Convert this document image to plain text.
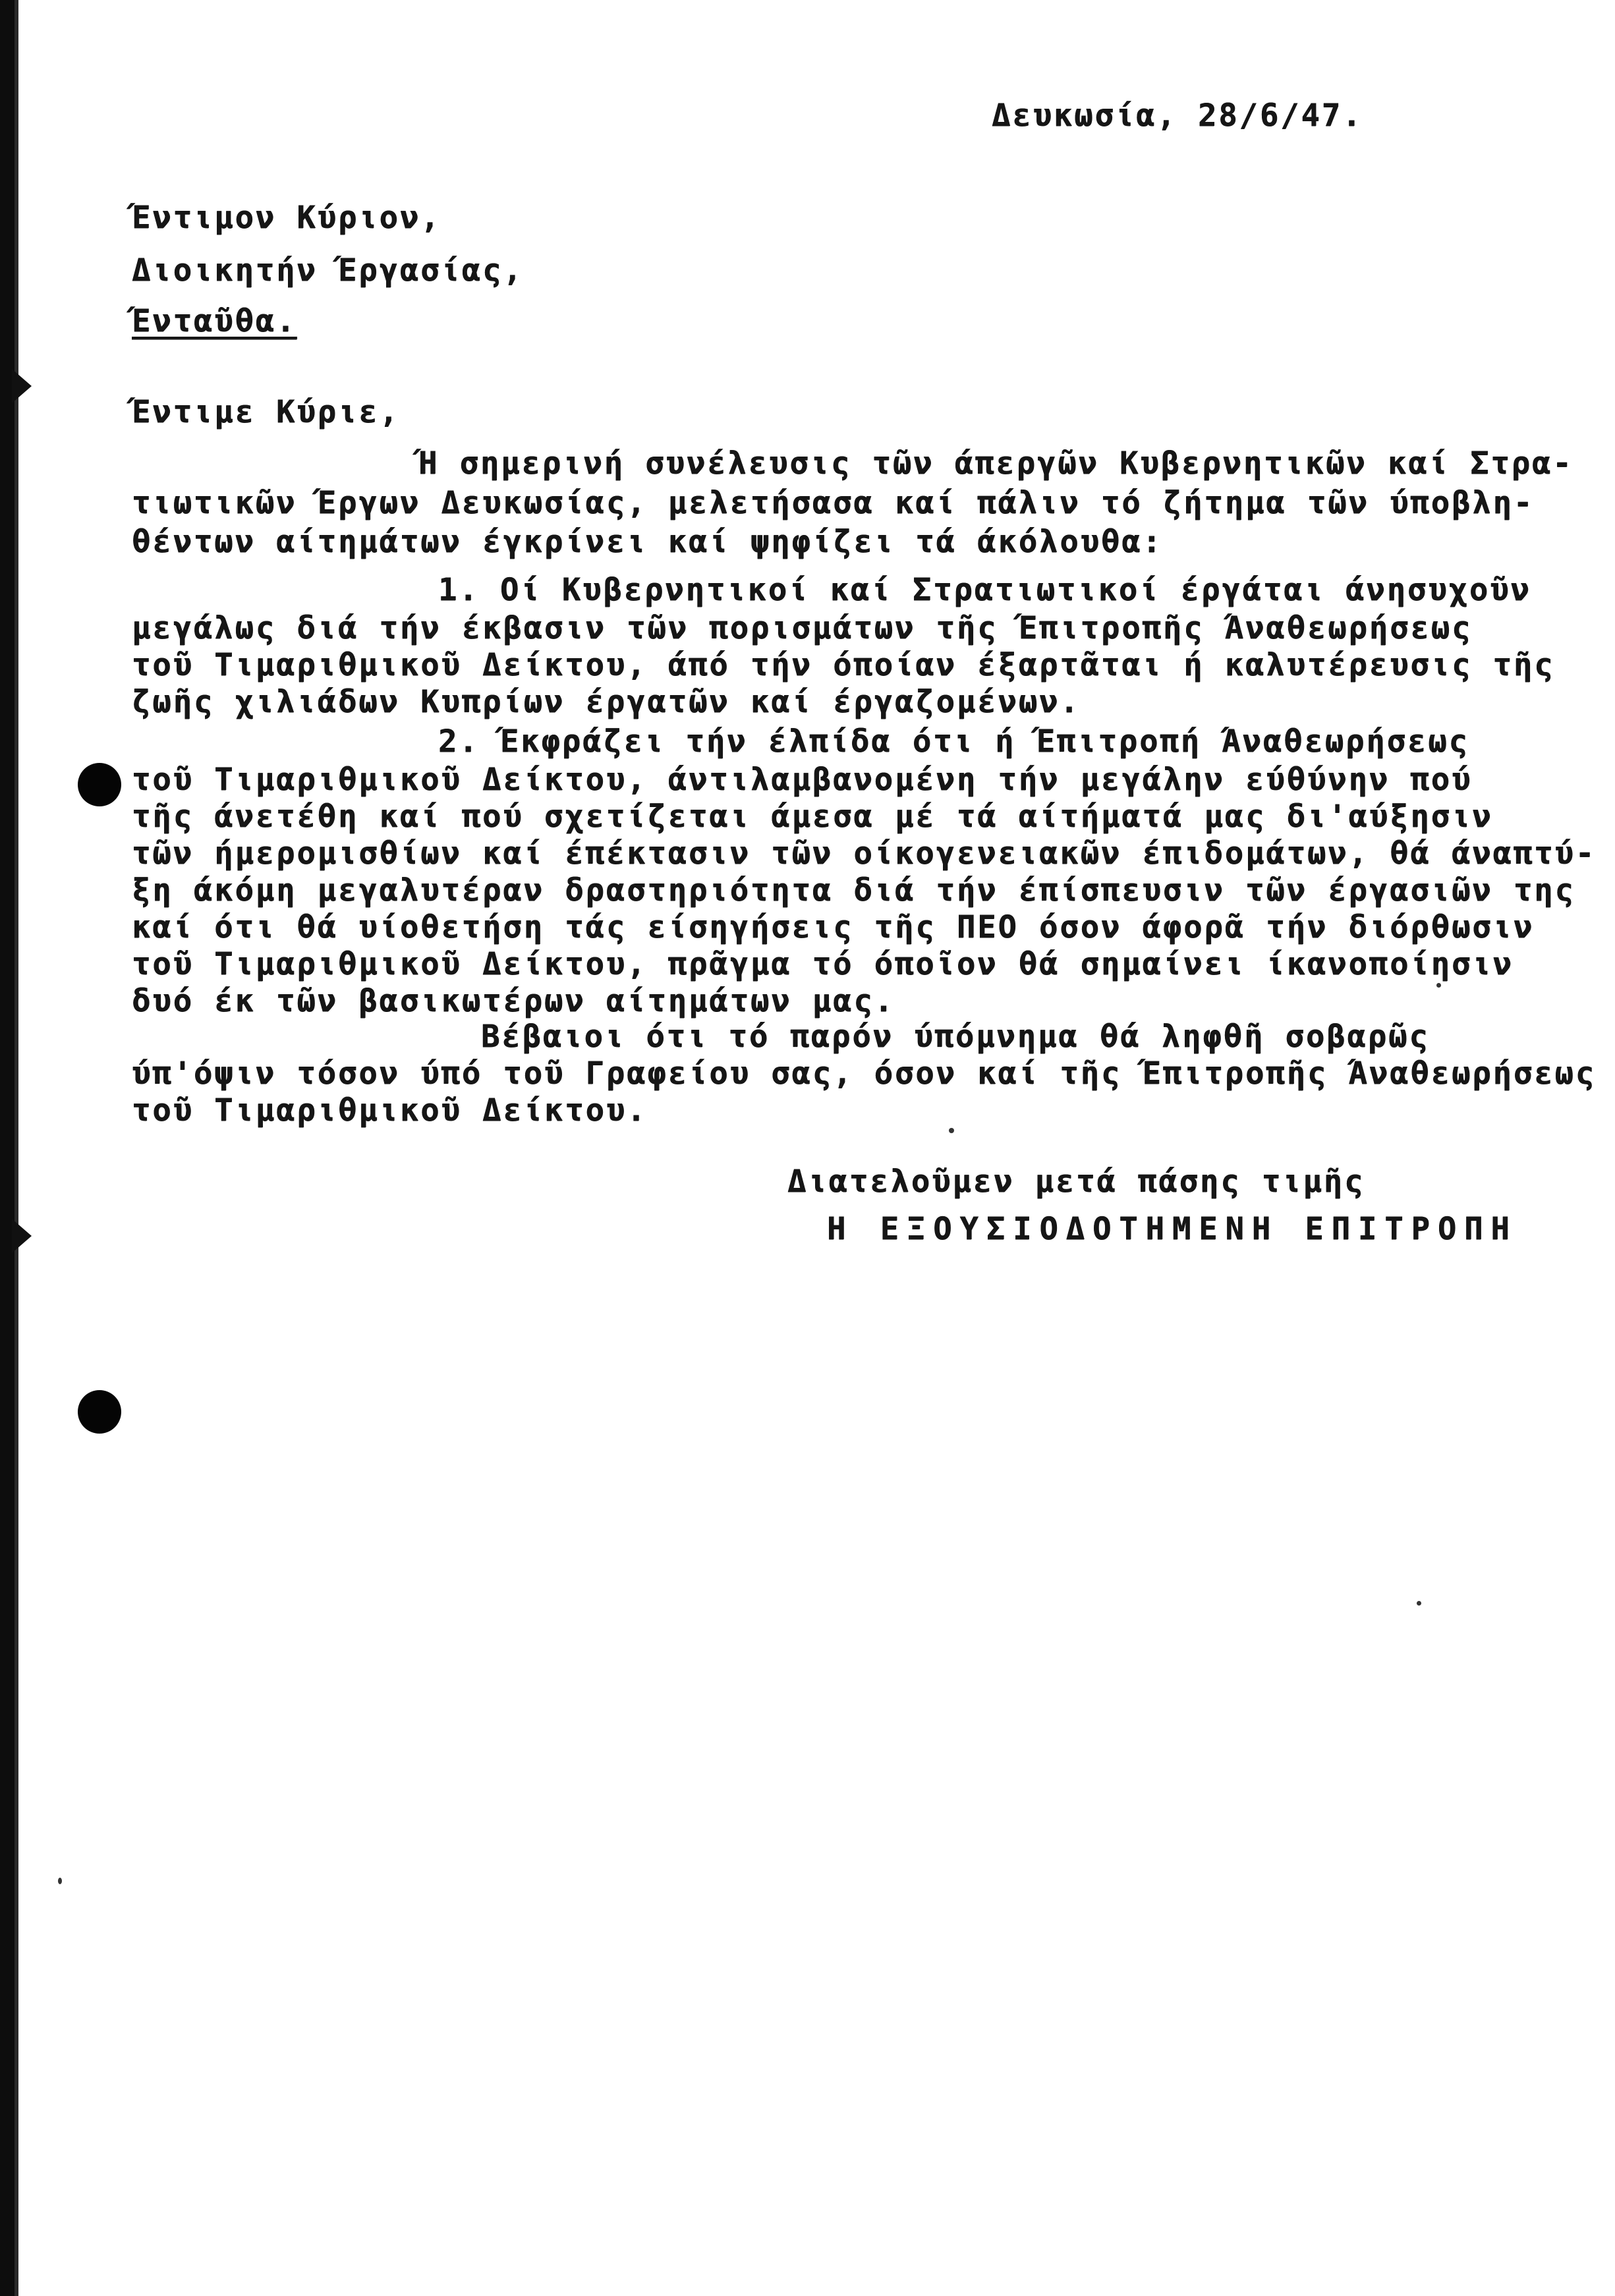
Δευκωσία, 28/6/47.
Έντιμον Κύριον,
Διοικητήν Έργασίας,
Ένταῦθα.
Έντιμε Κύριε,
Ή σημερινή συνέλευσις τῶν άπεργῶν Κυβερνητικῶν καί Στρα-
τιωτικῶν Έργων Δευκωσίας, μελετήσασα καί πάλιν τό ζήτημα τῶν ύποβλη-
θέντων αίτημάτων έγκρίνει καί ψηφίζει τά άκόλουθα:
1. Οί Κυβερνητικοί καί Στρατιωτικοί έργάται άνησυχοῦν
μεγάλως διά τήν έκβασιν τῶν πορισμάτων τῆς Έπιτροπῆς Άναθεωρήσεως
τοῦ Τιμαριθμικοῦ Δείκτου, άπό τήν όποίαν έξαρτᾶται ή καλυτέρευσις τῆς
ζωῆς χιλιάδων Κυπρίων έργατῶν καί έργαζομένων.
2. Έκφράζει τήν έλπίδα ότι ή Έπιτροπή Άναθεωρήσεως
τοῦ Τιμαριθμικοῦ Δείκτου, άντιλαμβανομένη τήν μεγάλην εύθύνην πού
τῆς άνετέθη καί πού σχετίζεται άμεσα μέ τά αίτήματά μας δι'αύξησιν
τῶν ήμερομισθίων καί έπέκτασιν τῶν οίκογενειακῶν έπιδομάτων, θά άναπτύ-
ξη άκόμη μεγαλυτέραν δραστηριότητα διά τήν έπίσπευσιν τῶν έργασιῶν της
καί ότι θά υίοθετήση τάς είσηγήσεις τῆς ΠΕΟ όσον άφορᾶ τήν διόρθωσιν
τοῦ Τιμαριθμικοῦ Δείκτου, πρᾶγμα τό όποῖον θά σημαίνει ίκανοποίησιν
δυό έκ τῶν βασικωτέρων αίτημάτων μας.
Βέβαιοι ότι τό παρόν ύπόμνημα θά ληφθῆ σοβαρῶς
ύπ'όψιν τόσον ύπό τοῦ Γραφείου σας, όσον καί τῆς Έπιτροπῆς Άναθεωρήσεως
τοῦ Τιμαριθμικοῦ Δείκτου.
Διατελοῦμεν μετά πάσης τιμῆς
Η ΕΞΟΥΣΙΟΔΟΤΗΜΕΝΗ ΕΠΙΤΡΟΠΗ
